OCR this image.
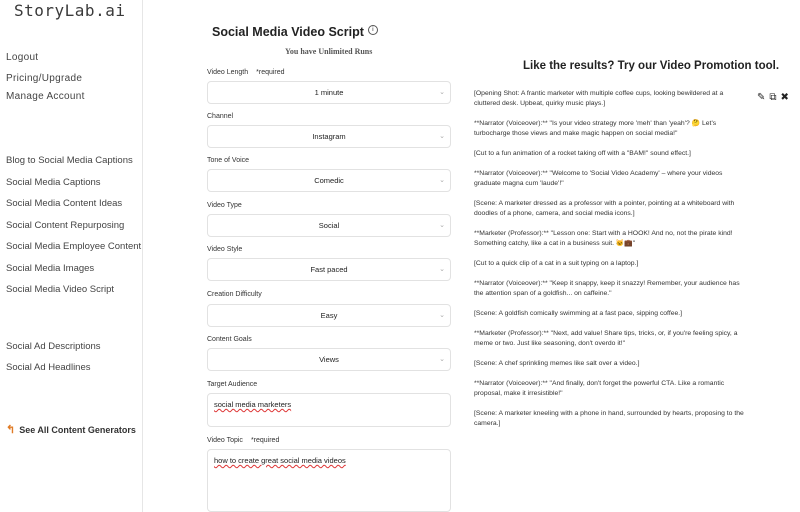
StoryLab.ai
Logout
Pricing/Upgrade
Manage Account
Blog to Social Media Captions
Social Media Captions
Social Media Content Ideas
Social Content Repurposing
Social Media Employee Content
Social Media Images
Social Media Video Script
Social Ad Descriptions
Social Ad Headlines
↰ See All Content Generators
Social Media Video Script i
You have Unlimited Runs
Video Length *required
1 minute	⌄
Channel
Instagram	⌄
Tone of Voice
Comedic	⌄
Video Type
Social	⌄
Video Style
Fast paced	⌄
Creation Difficulty
Easy	⌄
Content Goals
Views	⌄
Target Audience
social media marketers
Video Topic *required
how to create great social media videos
Like the results? Try our Video Promotion tool.
✎ ⧉ ✖

[Opening Shot: A frantic marketer with multiple coffee cups, looking bewildered at a cluttered desk. Upbeat, quirky music plays.]

**Narrator (Voiceover):** "Is your video strategy more 'meh' than 'yeah'? 🤔 Let's turbocharge those views and make magic happen on social media!"

[Cut to a fun animation of a rocket taking off with a "BAM!" sound effect.]

**Narrator (Voiceover):** "Welcome to 'Social Video Academy' – where your videos graduate magna cum 'laude'!"

[Scene: A marketer dressed as a professor with a pointer, pointing at a whiteboard with doodles of a phone, camera, and social media icons.]

**Marketer (Professor):** "Lesson one: Start with a HOOK! And no, not the pirate kind! Something catchy, like a cat in a business suit. 🐱💼"

[Cut to a quick clip of a cat in a suit typing on a laptop.]

**Narrator (Voiceover):** "Keep it snappy, keep it snazzy! Remember, your audience has the attention span of a goldfish... on caffeine."

[Scene: A goldfish comically swimming at a fast pace, sipping coffee.]

**Marketer (Professor):** "Next, add value! Share tips, tricks, or, if you're feeling spicy, a meme or two. Just like seasoning, don't overdo it!"

[Scene: A chef sprinkling memes like salt over a video.]

**Narrator (Voiceover):** "And finally, don't forget the powerful CTA. Like a romantic proposal, make it irresistible!"

[Scene: A marketer kneeling with a phone in hand, surrounded by hearts, proposing to the camera.]
